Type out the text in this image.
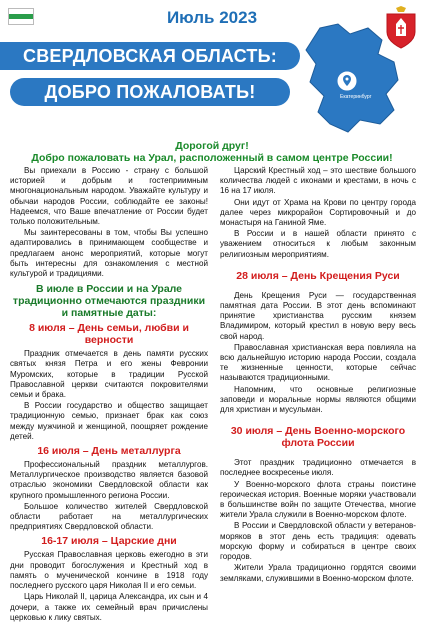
Июль 2023
Екатеринбург
СВЕРДЛОВСКАЯ ОБЛАСТЬ:
ДОБРО ПОЖАЛОВАТЬ!
Дорогой друг!
Добро пожаловать на Урал, расположенный в самом центре России!

Вы приехали в Россию - страну с большой историей и добрым и гостеприимным многонациональным народом. Уважайте культуру и обычаи народов России, соблюдайте ее законы! Надеемся, что Ваше впечатление от России будет только положительным.

Мы заинтересованы в том, чтобы Вы успешно адаптировались в принимающем сообществе и предлагаем анонс мероприятий, которые могут быть интересны для ознакомления с местной культурой и традициями.

В июле в России и на Урале традиционно отмечаются праздники и памятные даты:
8 июля – День семьи, любви и верности

Праздник отмечается в день памяти русских святых князя Петра и его жены Февронии Муромских, которые в традиции Русской Православной церкви считаются покровителями семьи и брака.

В России государство и общество защищает традиционную семью, признает брак как союз между мужчиной и женщиной, поощряет рождение детей.

16 июля – День металлурга

Профессиональный праздник металлургов. Металлургическое производство является базовой отраслью экономики Свердловской области как крупного промышленного региона России.

Большое количество жителей Свердловской области работает на металлургических предприятиях Свердловской области.

16-17 июля – Царские дни

Русская Православная церковь ежегодно в эти дни проводит богослужения и Крестный ход в память о мученической кончине в 1918 году последнего русского царя Николая II и его семьи.

Царь Николай II, царица Александра, их сын и 4 дочери, а также их семейный врач причислены церковью к лику святых.

Царский Крестный ход – это шествие большого количества людей с иконами и крестами, в ночь с 16 на 17 июля.

Они идут от Храма на Крови по центру города далее через микрорайон Сортировочный и до монастыря на Ганиной Яме.

В России и в нашей области принято с уважением относиться к любым законным религиозным мероприятиям.

28 июля – День Крещения Руси

День Крещения Руси — государственная памятная дата России. В этот день вспоминают принятие христианства русским князем Владимиром, который крестил в новую веру весь свой народ.

Православная христианская вера повлияла на всю дальнейшую историю народа России, создала те жизненные ценности, которые сейчас называются традиционными.

Напомним, что основные религиозные заповеди и моральные нормы являются общими для христиан и мусульман.

30 июля – День Военно-морского флота России

Этот праздник традиционно отмечается в последнее воскресенье июля.

У Военно-морского флота страны поистине героическая история. Военные моряки участвовали в большинстве войн по защите Отечества, многие жители Урала служили в Военно-морском флоте.

В России и Свердловской области у ветеранов-моряков в этот день есть традиция: одевать морскую форму и собираться в центре своих городов.

Жители Урала традиционно гордятся своими земляками, служившими в Военно-морском флоте.
